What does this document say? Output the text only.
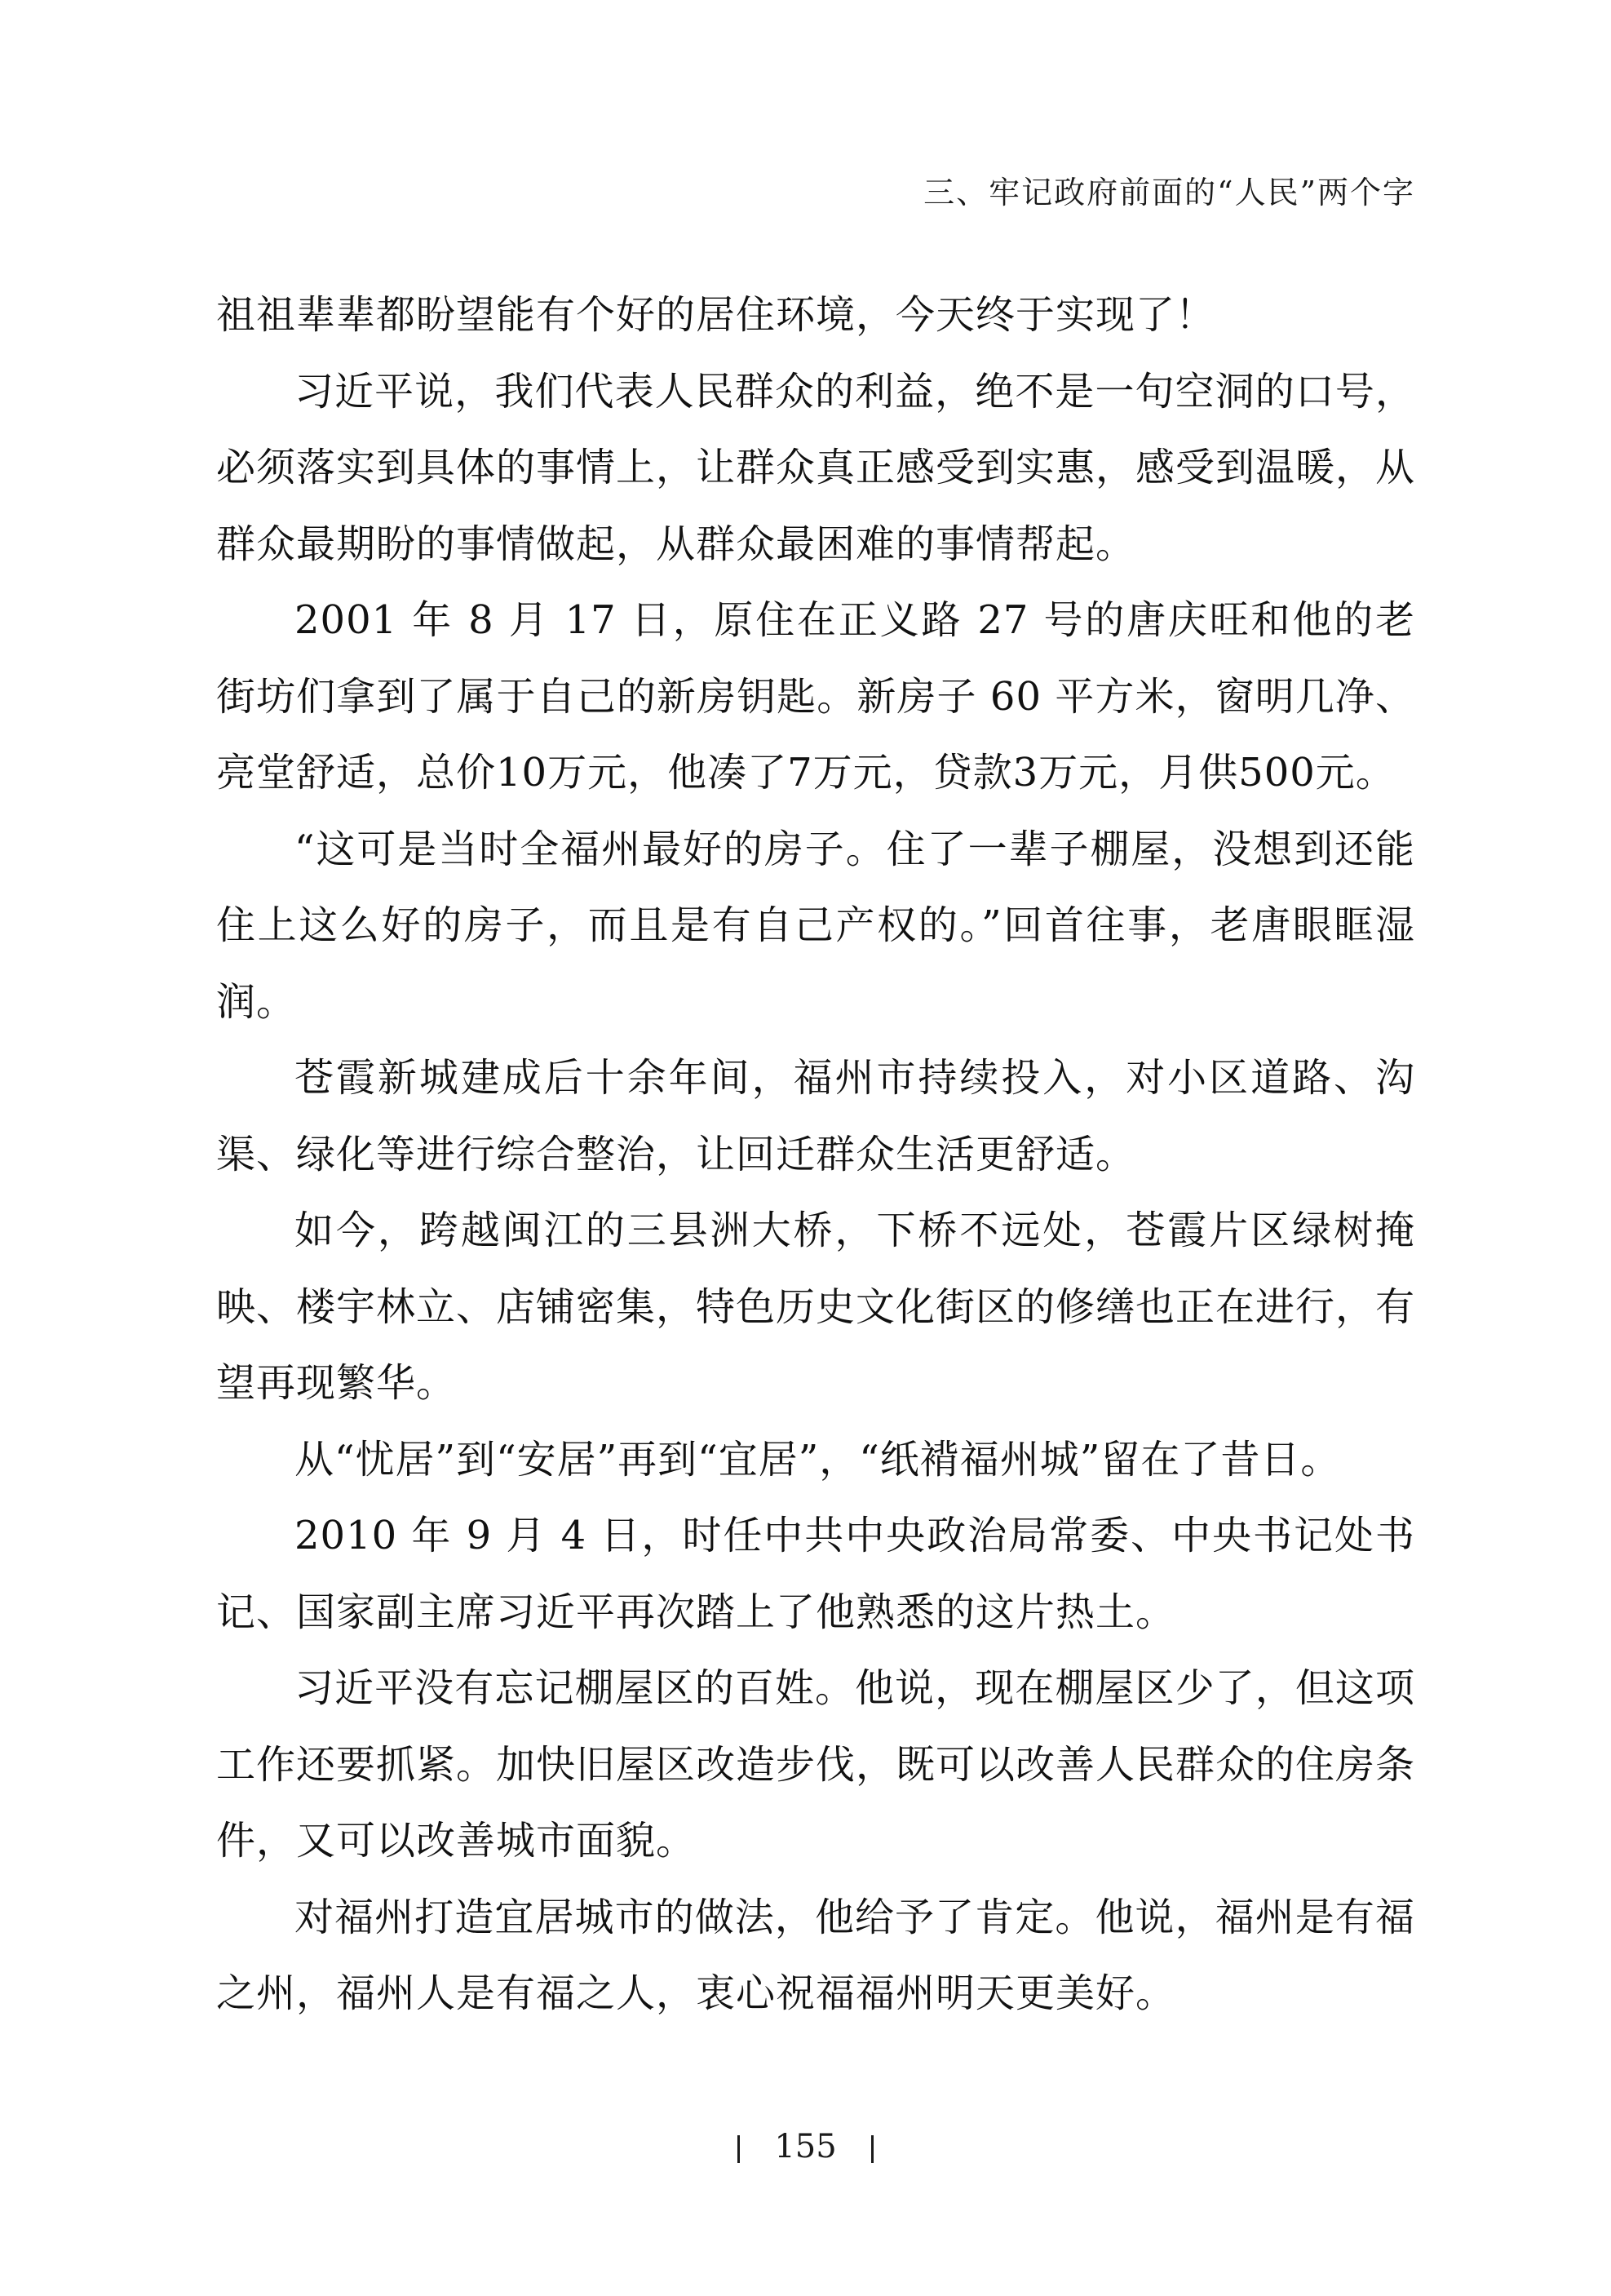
三、牢记政府前面的“人民”两个字

祖祖辈辈都盼望能有个好的居住环境，今天终于实现了！

习近平说，我们代表人民群众的利益，绝不是一句空洞的口号，必须落实到具体的事情上，让群众真正感受到实惠，感受到温暖，从群众最期盼的事情做起，从群众最困难的事情帮起。

2001 年 8 月 17 日，原住在正义路 27 号的唐庆旺和他的老街坊们拿到了属于自己的新房钥匙。新房子 60 平方米，窗明几净、亮堂舒适，总价10万元，他凑了7万元，贷款3万元，月供500元。

“这可是当时全福州最好的房子。住了一辈子棚屋，没想到还能住上这么好的房子，而且是有自己产权的。”回首往事，老唐眼眶湿润。

苍霞新城建成后十余年间，福州市持续投入，对小区道路、沟渠、绿化等进行综合整治，让回迁群众生活更舒适。

如今，跨越闽江的三县洲大桥，下桥不远处，苍霞片区绿树掩映、楼宇林立、店铺密集，特色历史文化街区的修缮也正在进行，有望再现繁华。

从“忧居”到“安居”再到“宜居”，“纸褙福州城”留在了昔日。

2010 年 9 月 4 日，时任中共中央政治局常委、中央书记处书记、国家副主席习近平再次踏上了他熟悉的这片热土。

习近平没有忘记棚屋区的百姓。他说，现在棚屋区少了，但这项工作还要抓紧。加快旧屋区改造步伐，既可以改善人民群众的住房条件，又可以改善城市面貌。

对福州打造宜居城市的做法，他给予了肯定。他说，福州是有福之州，福州人是有福之人，衷心祝福福州明天更美好。

155
